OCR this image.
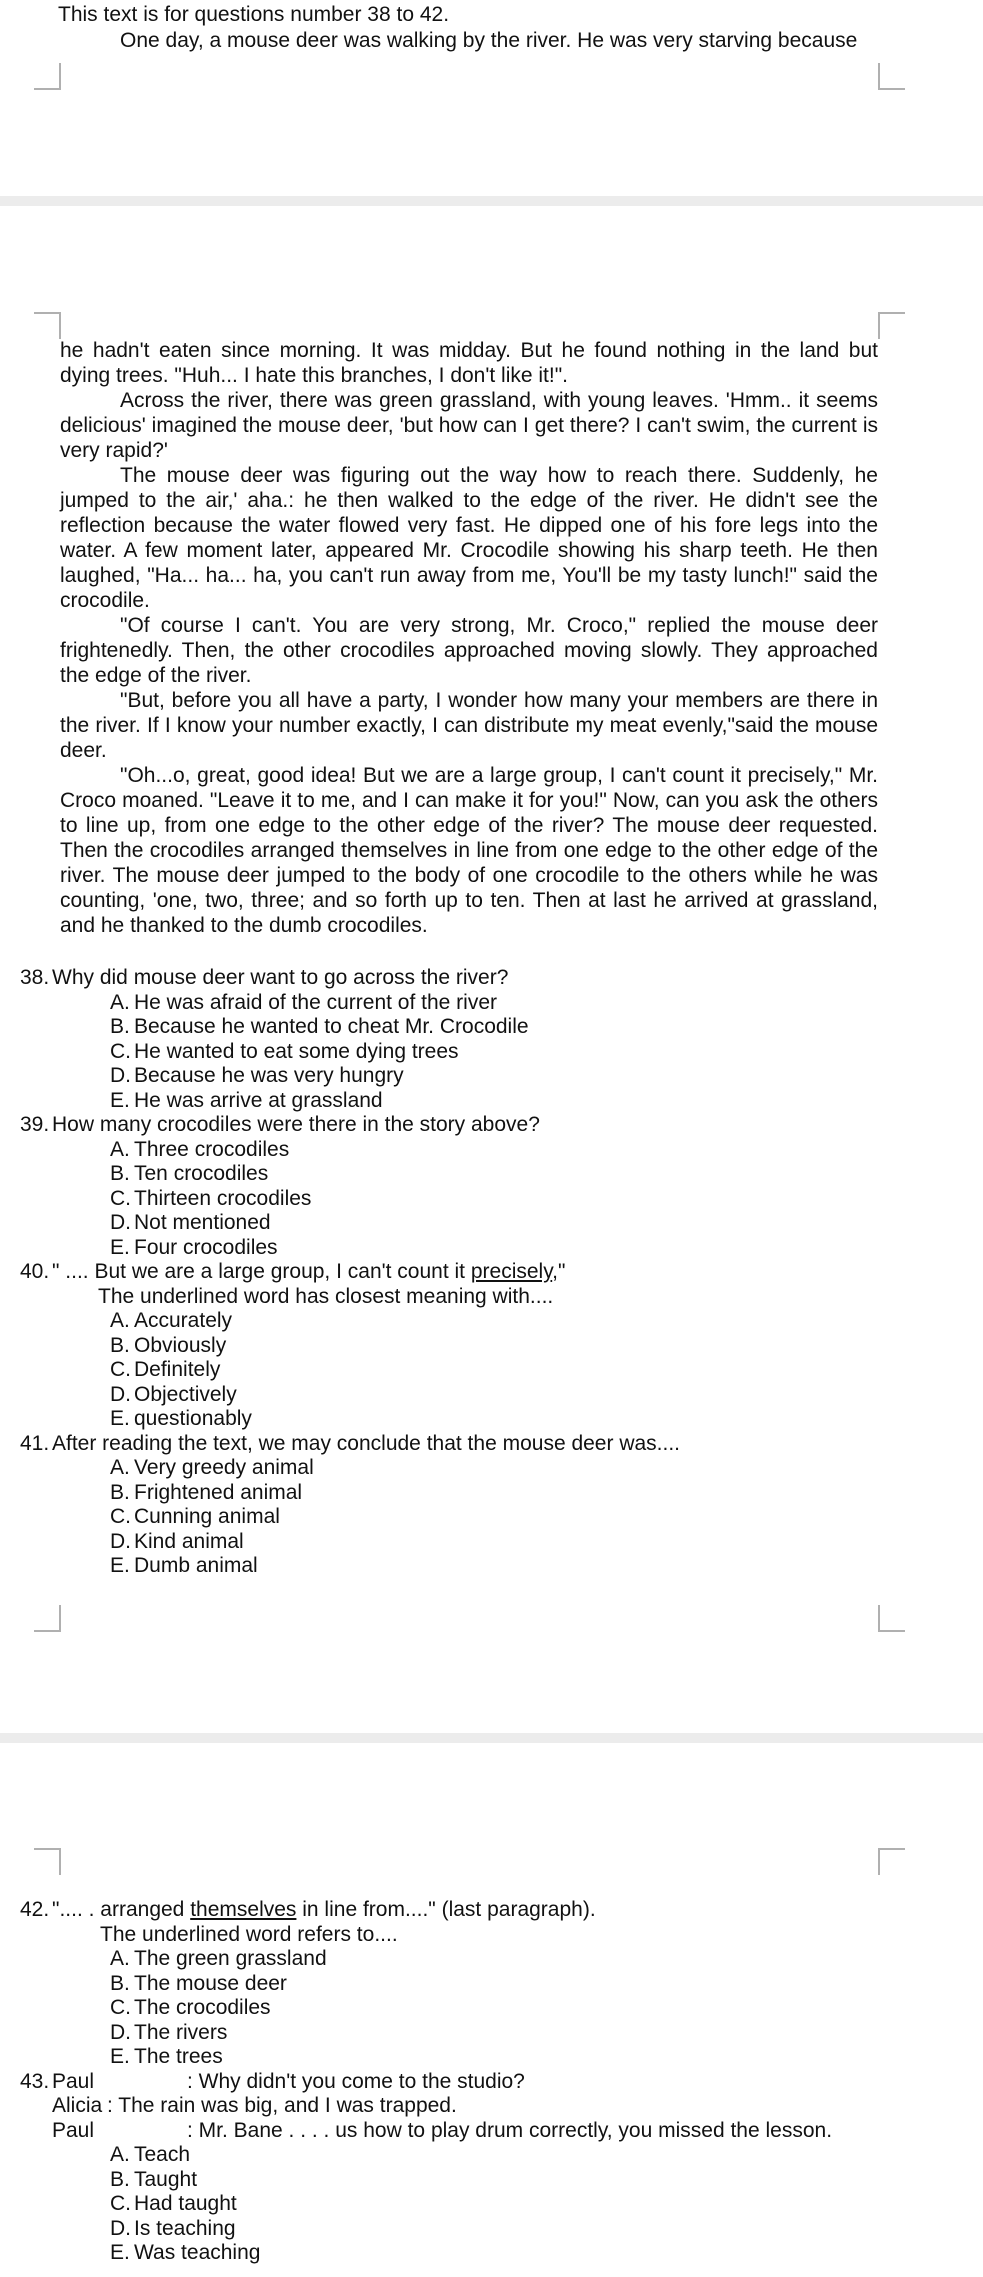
This text is for questions number 38 to 42.
One day, a mouse deer was walking by the river. He was very starving because

he hadn't eaten since morning. It was midday. But he found nothing in the land but dying trees. "Huh... I hate this branches, I don't like it!".

Across the river, there was green grassland, with young leaves. 'Hmm.. it seems delicious' imagined the mouse deer, 'but how can I get there? I can't swim, the current is very rapid?'

The mouse deer was figuring out the way how to reach there. Suddenly, he jumped to the air,' aha.: he then walked to the edge of the river. He didn't see the reflection because the water flowed very fast. He dipped one of his fore legs into the water. A few moment later, appeared Mr. Crocodile showing his sharp teeth. He then laughed, "Ha... ha... ha, you can't run away from me, You'll be my tasty lunch!" said the crocodile.

"Of course I can't. You are very strong, Mr. Croco," replied the mouse deer frightenedly. Then, the other crocodiles approached moving slowly. They approached the edge of the river.

"But, before you all have a party, I wonder how many your members are there in the river. If I know your number exactly, I can distribute my meat evenly,"said the mouse deer.

"Oh...o, great, good idea! But we are a large group, I can't count it precisely," Mr. Croco moaned. "Leave it to me, and I can make it for you!" Now, can you ask the others to line up, from one edge to the other edge of the river? The mouse deer requested. Then the crocodiles arranged themselves in line from one edge to the other edge of the river. The mouse deer jumped to the body of one crocodile to the others while he was counting, 'one, two, three; and so forth up to ten. Then at last he arrived at grassland, and he thanked to the dumb crocodiles.

38. Why did mouse deer want to go across the river?
A. He was afraid of the current of the river
B. Because he wanted to cheat Mr. Crocodile
C. He wanted to eat some dying trees
D. Because he was very hungry
E. He was arrive at grassland
39. How many crocodiles were there in the story above?
A. Three crocodiles
B. Ten crocodiles
C. Thirteen crocodiles
D. Not mentioned
E. Four crocodiles
40. " .... But we are a large group, I can't count it precisely,"
The underlined word has closest meaning with....
A. Accurately
B. Obviously
C. Definitely
D. Objectively
E. questionably
41. After reading the text, we may conclude that the mouse deer was....
A. Very greedy animal
B. Frightened animal
C. Cunning animal
D. Kind animal
E. Dumb animal
42. ".... . arranged themselves in line from...." (last paragraph).
The underlined word refers to....
A. The green grassland
B. The mouse deer
C. The crocodiles
D. The rivers
E. The trees
43. Paul	: Why didn't you come to the studio?
Alicia : The rain was big, and I was trapped.
Paul	: Mr. Bane . . . . us how to play drum correctly, you missed the lesson.
A. Teach
B. Taught
C. Had taught
D. Is teaching
E. Was teaching
